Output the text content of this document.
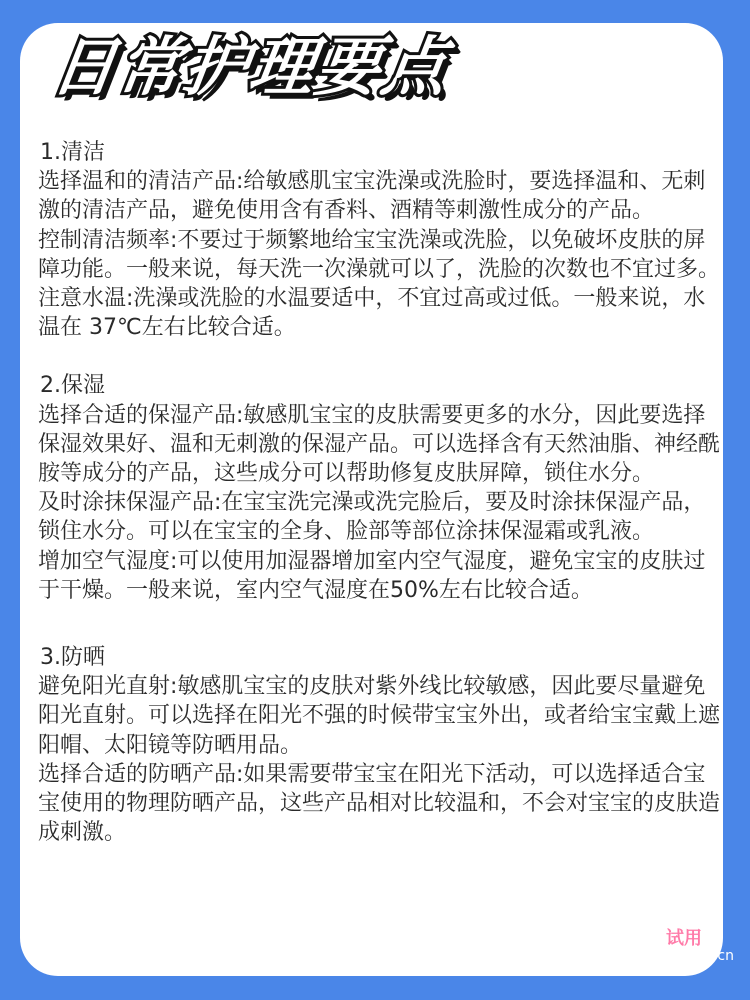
日常护理要点
1.清洁
选择温和的清洁产品:给敏感肌宝宝洗澡或洗脸时，要选择温和、无刺激的清洁产品，避免使用含有香料、酒精等刺激性成分的产品。
控制清洁频率:不要过于频繁地给宝宝洗澡或洗脸，以免破坏皮肤的屏障功能。一般来说，每天洗一次澡就可以了，洗脸的次数也不宜过多。注意水温:洗澡或洗脸的水温要适中，不宜过高或过低。一般来说，水温在 37℃左右比较合适。
2.保湿
选择合适的保湿产品:敏感肌宝宝的皮肤需要更多的水分，因此要选择保湿效果好、温和无刺激的保湿产品。可以选择含有天然油脂、神经酰胺等成分的产品，这些成分可以帮助修复皮肤屏障，锁住水分。
及时涂抹保湿产品:在宝宝洗完澡或洗完脸后，要及时涂抹保湿产品，锁住水分。可以在宝宝的全身、脸部等部位涂抹保湿霜或乳液。
增加空气湿度:可以使用加湿器增加室内空气湿度，避免宝宝的皮肤过于干燥。一般来说，室内空气湿度在50%左右比较合适。
3.防晒
避免阳光直射:敏感肌宝宝的皮肤对紫外线比较敏感，因此要尽量避免阳光直射。可以选择在阳光不强的时候带宝宝外出，或者给宝宝戴上遮阳帽、太阳镜等防晒用品。
选择合适的防晒产品:如果需要带宝宝在阳光下活动，可以选择适合宝宝使用的物理防晒产品，这些产品相对比较温和，不会对宝宝的皮肤造成刺激。
试用
a.cn
